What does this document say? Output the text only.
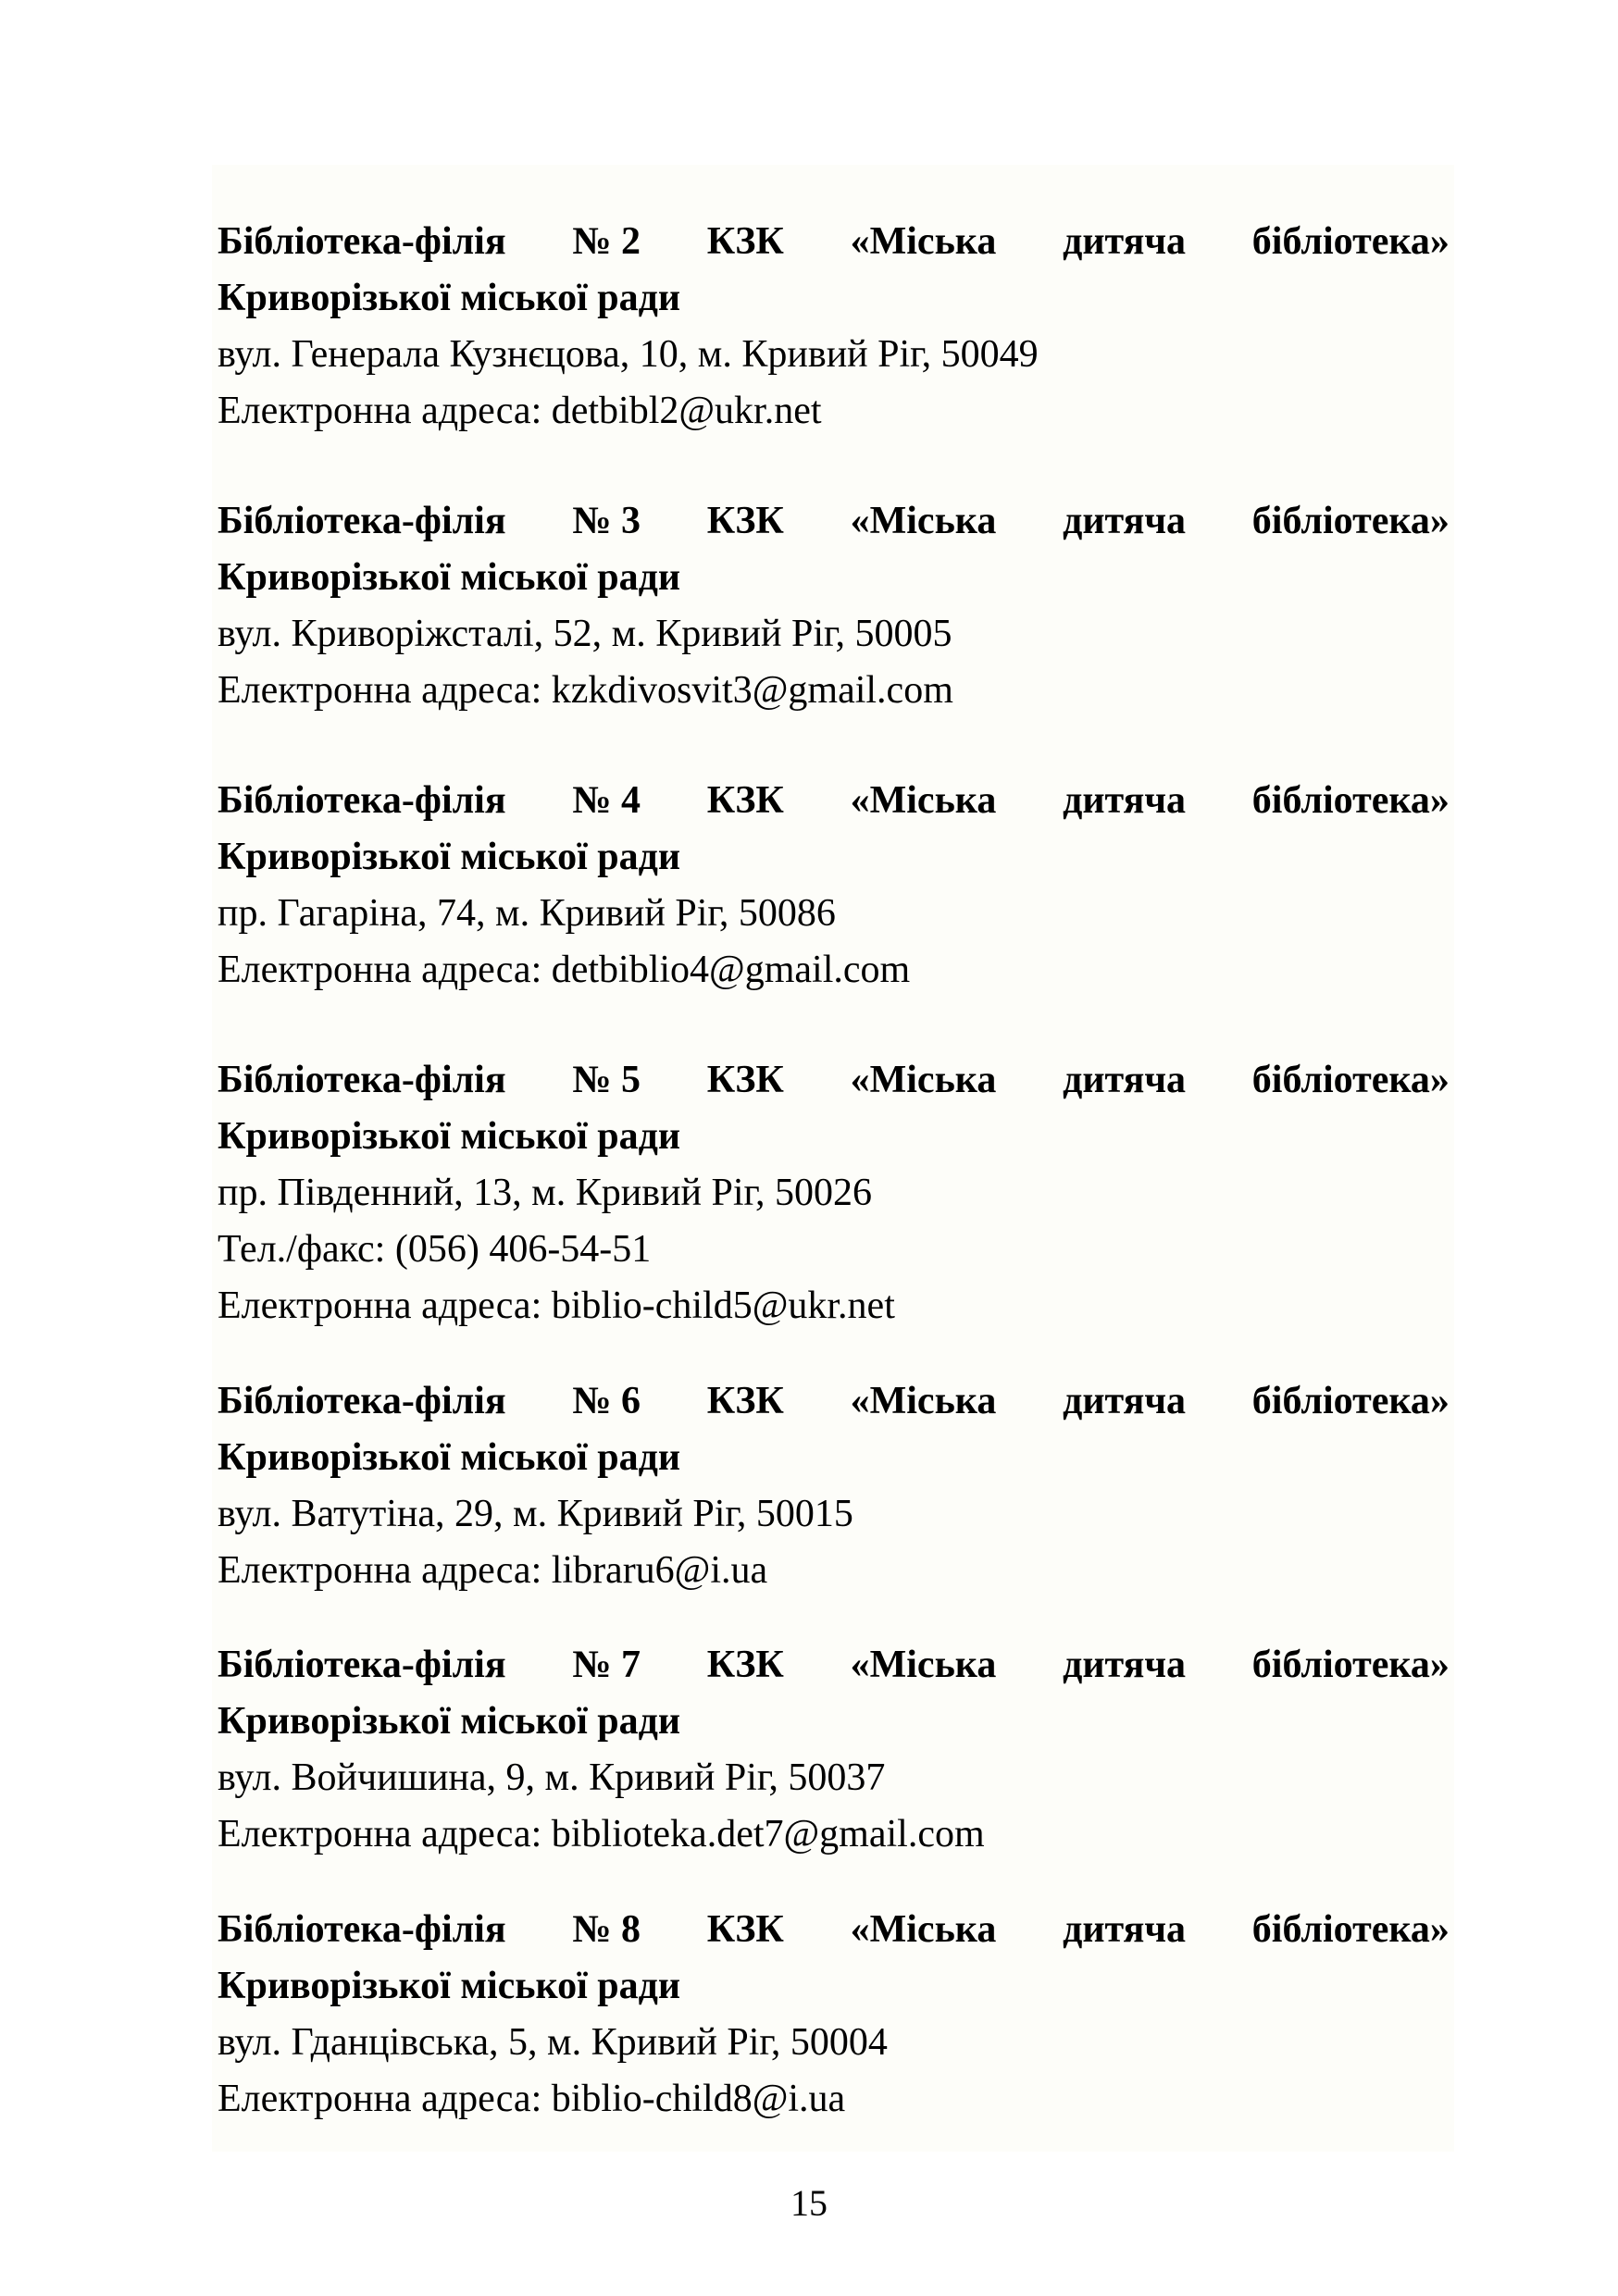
Бібліотека-філія № 2 КЗК «Міська дитяча бібліотека»
Криворізької міської ради
вул. Генерала Кузнєцова, 10, м. Кривий Ріг, 50049
Електронна адреса: detbibl2@ukr.net
Бібліотека-філія № 3 КЗК «Міська дитяча бібліотека»
Криворізької міської ради
вул. Криворіжсталі, 52, м. Кривий Ріг, 50005
Електронна адреса: kzkdivosvit3@gmail.com
Бібліотека-філія № 4 КЗК «Міська дитяча бібліотека»
Криворізької міської ради
пр. Гагаріна, 74, м. Кривий Ріг, 50086
Електронна адреса: detbiblio4@gmail.com
Бібліотека-філія № 5 КЗК «Міська дитяча бібліотека»
Криворізької міської ради
пр. Південний, 13, м. Кривий Ріг, 50026
Тел./факс: (056) 406-54-51
Електронна адреса: biblio-child5@ukr.net
Бібліотека-філія № 6 КЗК «Міська дитяча бібліотека»
Криворізької міської ради
вул. Ватутіна, 29, м. Кривий Ріг, 50015
Електронна адреса: libraru6@i.ua
Бібліотека-філія № 7 КЗК «Міська дитяча бібліотека»
Криворізької міської ради
вул. Войчишина, 9, м. Кривий Ріг, 50037
Електронна адреса: biblioteka.det7@gmail.com
Бібліотека-філія № 8 КЗК «Міська дитяча бібліотека»
Криворізької міської ради
вул. Гданцівська, 5, м. Кривий Ріг, 50004
Електронна адреса: biblio-child8@i.ua
15
